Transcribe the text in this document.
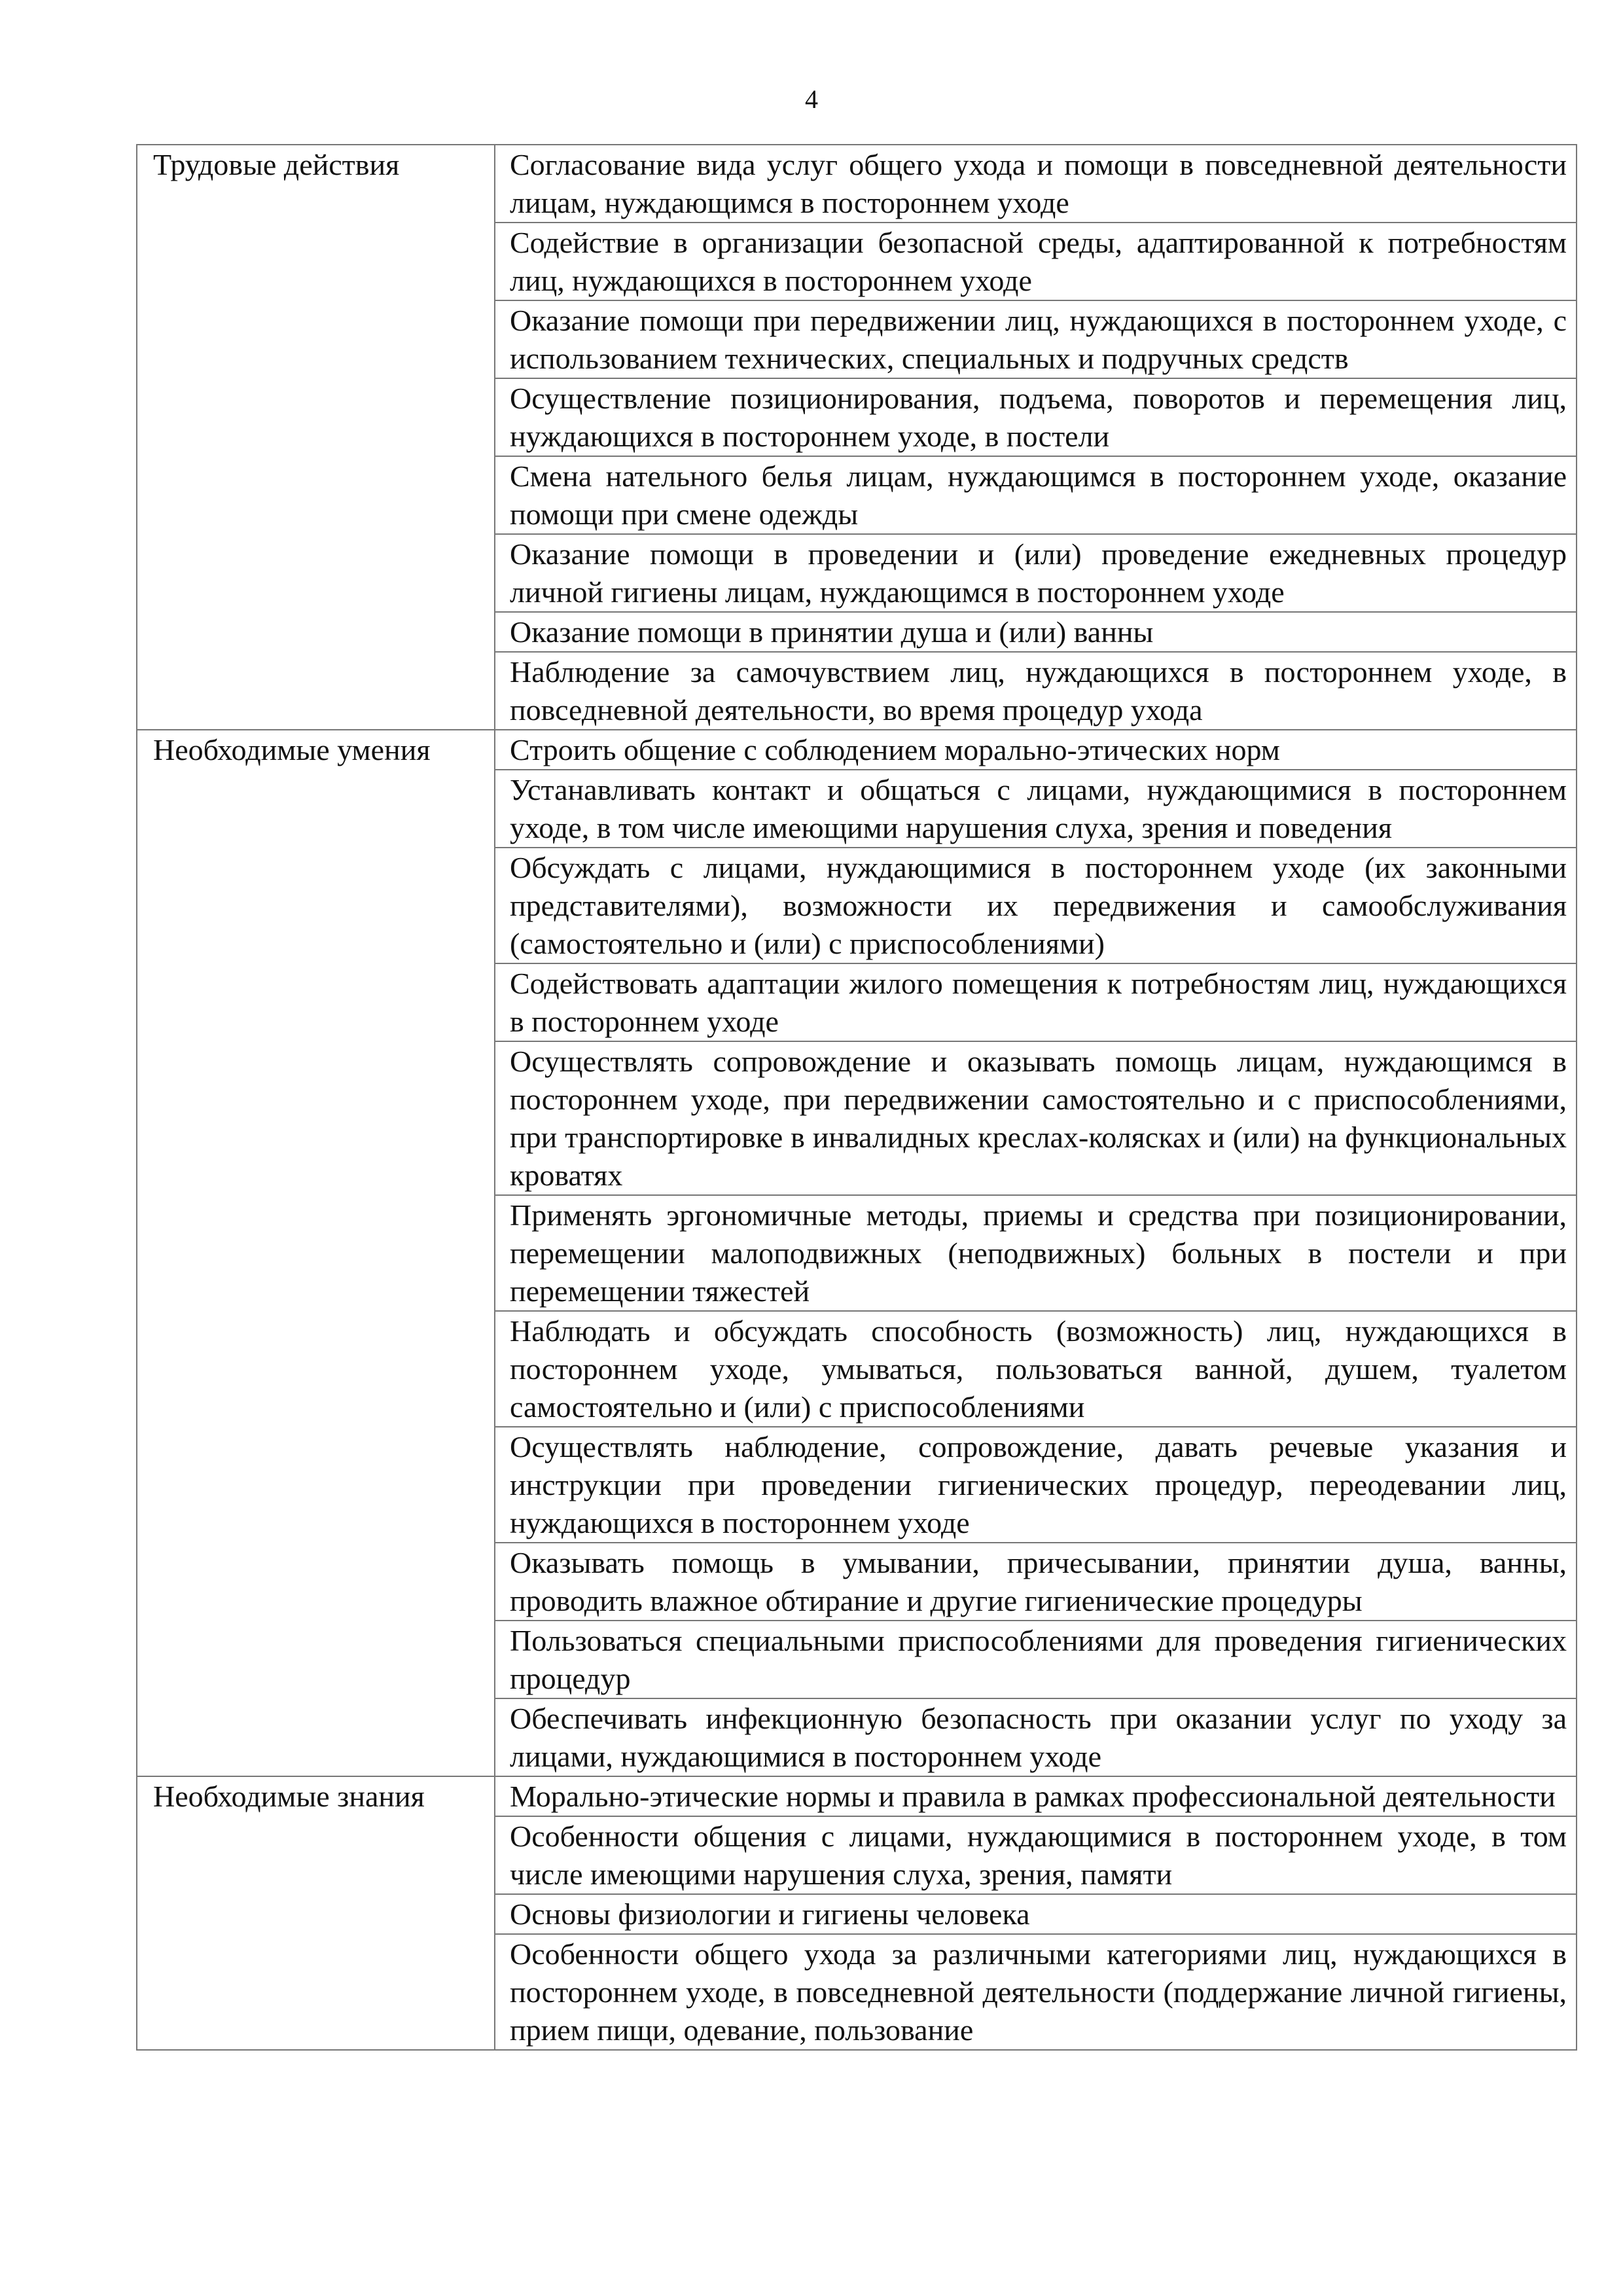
4
Трудовые действия	Согласование вида услуг общего ухода и помощи в повседневной деятельности лицам, нуждающимся в постороннем уходе
	Содействие в организации безопасной среды, адаптированной к потребностям лиц, нуждающихся в постороннем уходе
	Оказание помощи при передвижении лиц, нуждающихся в постороннем уходе, с использованием технических, специальных и подручных средств
	Осуществление позиционирования, подъема, поворотов и перемещения лиц, нуждающихся в постороннем уходе, в постели
	Смена нательного белья лицам, нуждающимся в постороннем уходе, оказание помощи при смене одежды
	Оказание помощи в проведении и (или) проведение ежедневных процедур личной гигиены лицам, нуждающимся в постороннем уходе
	Оказание помощи в принятии душа и (или) ванны
	Наблюдение за самочувствием лиц, нуждающихся в постороннем уходе, в повседневной деятельности, во время процедур ухода

Необходимые умения	Строить общение с соблюдением морально-этических норм
	Устанавливать контакт и общаться с лицами, нуждающимися в постороннем уходе, в том числе имеющими нарушения слуха, зрения и поведения
	Обсуждать с лицами, нуждающимися в постороннем уходе (их законными представителями), возможности их передвижения и самообслуживания (самостоятельно и (или) с приспособлениями)
	Содействовать адаптации жилого помещения к потребностям лиц, нуждающихся в постороннем уходе
	Осуществлять сопровождение и оказывать помощь лицам, нуждающимся в постороннем уходе, при передвижении самостоятельно и с приспособлениями, при транспортировке в инвалидных креслах-колясках и (или) на функциональных кроватях
	Применять эргономичные методы, приемы и средства при позиционировании, перемещении малоподвижных (неподвижных) больных в постели и при перемещении тяжестей
	Наблюдать и обсуждать способность (возможность) лиц, нуждающихся в постороннем уходе, умываться, пользоваться ванной, душем, туалетом самостоятельно и (или) с приспособлениями
	Осуществлять наблюдение, сопровождение, давать речевые указания и инструкции при проведении гигиенических процедур, переодевании лиц, нуждающихся в постороннем уходе
	Оказывать помощь в умывании, причесывании, принятии душа, ванны, проводить влажное обтирание и другие гигиенические процедуры
	Пользоваться специальными приспособлениями для проведения гигиенических процедур
	Обеспечивать инфекционную безопасность при оказании услуг по уходу за лицами, нуждающимися в постороннем уходе

Необходимые знания	Морально-этические нормы и правила в рамках профессиональной деятельности
	Особенности общения с лицами, нуждающимися в постороннем уходе, в том числе имеющими нарушения слуха, зрения, памяти
	Основы физиологии и гигиены человека
	Особенности общего ухода за различными категориями лиц, нуждающихся в постороннем уходе, в повседневной деятельности (поддержание личной гигиены, прием пищи, одевание, пользование
